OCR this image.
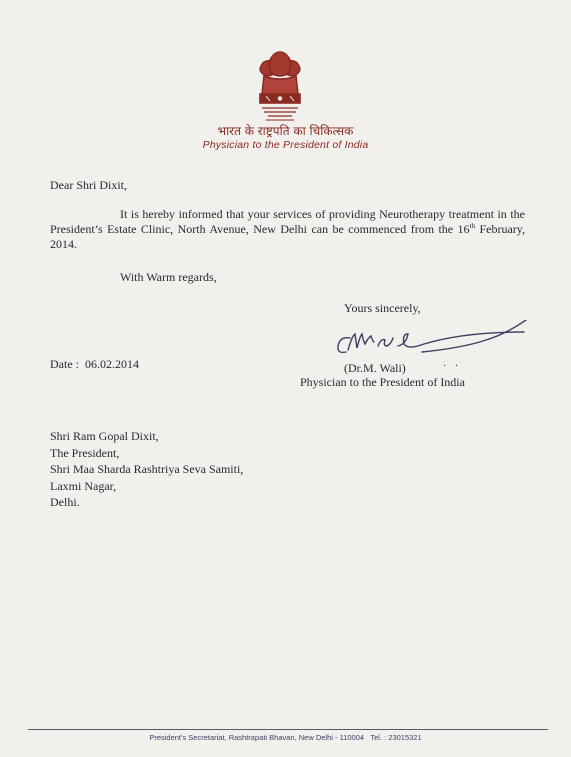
भारत के राष्ट्रपति का चिकित्सक
Physician to the President of India
Dear Shri Dixit,
It is hereby informed that your services of providing Neurotherapy treatment in the President’s Estate Clinic, North Avenue, New Delhi can be commenced from the 16th February, 2014.
With Warm regards,
Yours sincerely,
Date : 06.02.2014	(Dr.M. Wali)	· ·
Physician to the President of India
Shri Ram Gopal Dixit,
The President,
Shri Maa Sharda Rashtriya Seva Samiti,
Laxmi Nagar,
Delhi.
President's Secretariat, Rashtrapati Bhavan, New Delhi - 110004 Tel. : 23015321
